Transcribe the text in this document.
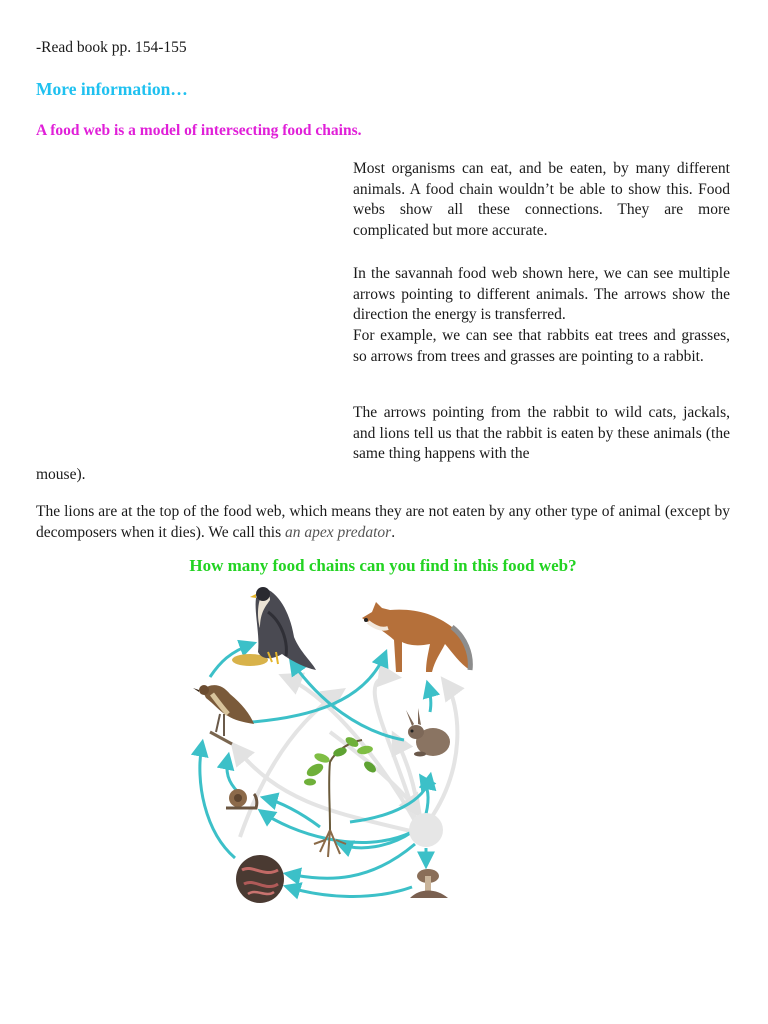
-Read book pp. 154-155

More information…

A food web is a model of intersecting food chains.

Most organisms can eat, and be eaten, by many different animals. A food chain wouldn’t be able to show this. Food webs show all these connections. They are more complicated but more accurate.

In the savannah food web shown here, we can see multiple arrows pointing to different animals. The arrows show the direction the energy is transferred.
For example, we can see that rabbits eat trees and grasses, so arrows from trees and grasses are pointing to a rabbit.

The arrows pointing from the rabbit to wild cats, jackals, and lions tell us that the rabbit is eaten by these animals (the same thing happens with the

mouse).

The lions are at the top of the food web, which means they are not eaten by any other type of animal (except by decomposers when it dies). We call this an apex predator.

How many food chains can you find in this food web?
